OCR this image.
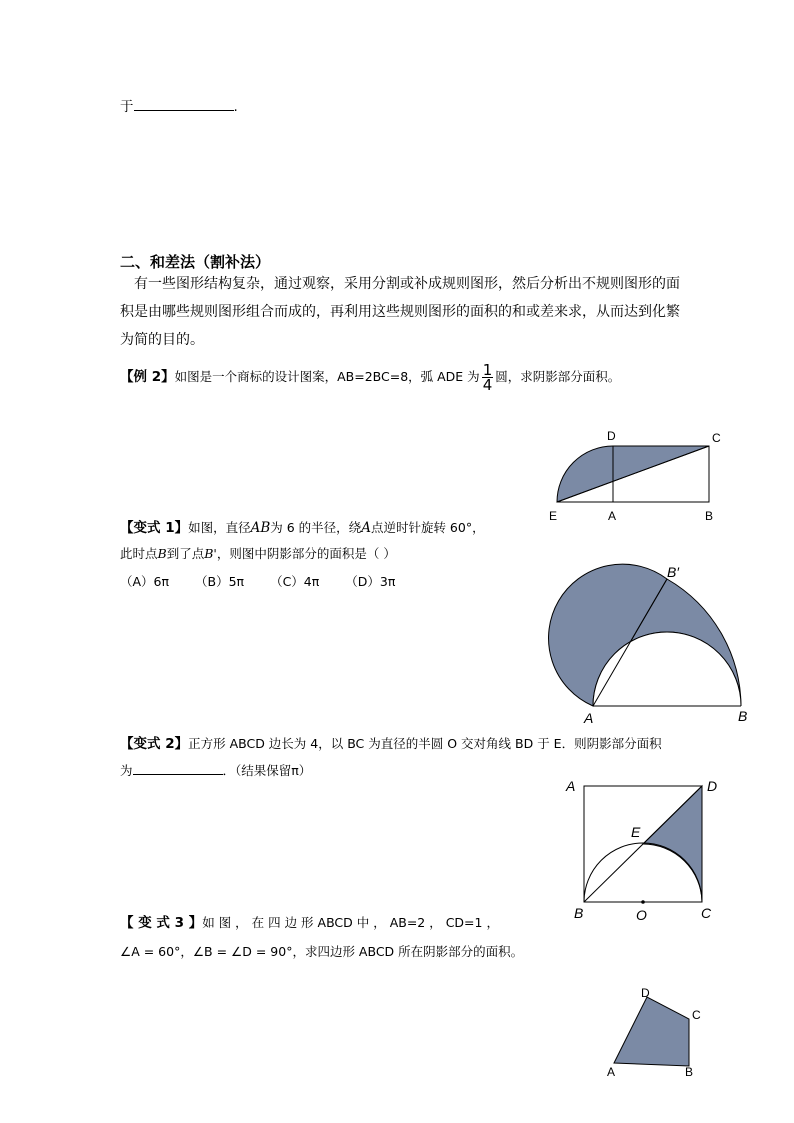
于	.
二、和差法（割补法）
有一些图形结构复杂，通过观察，采用分割或补成规则图形，然后分析出不规则图形的面积是由哪些规则图形组合而成的，再利用这些规则图形的面积的和或差来求，从而达到化繁为简的目的。
【例 2】如图是一个商标的设计图案，AB=2BC=8，弧 ADE 为 $\frac{1}{4}$ 圆，求阴影部分面积。
D	C
E	A	B
【变式 1】如图，直径AB为 6 的半径，绕A点逆时针旋转 60°，
此时点B到了点B'，则图中阴影部分的面积是（ ）
（A）6π （B）5π （C）4π （D）3π
B′
A	B
【变式 2】正方形 ABCD 边长为 4，以 BC 为直径的半圆 O 交对角线 BD 于 E．则阴影部分面积
为	．（结果保留π）
A	D
E
B	O	C
【 变 式 3 】如 图 ， 在 四 边 形 ABCD 中 ， AB=2 ， CD=1 ，
∠A = 60°，∠B = ∠D = 90°，求四边形 ABCD 所在阴影部分的面积。
D
C
A	B
